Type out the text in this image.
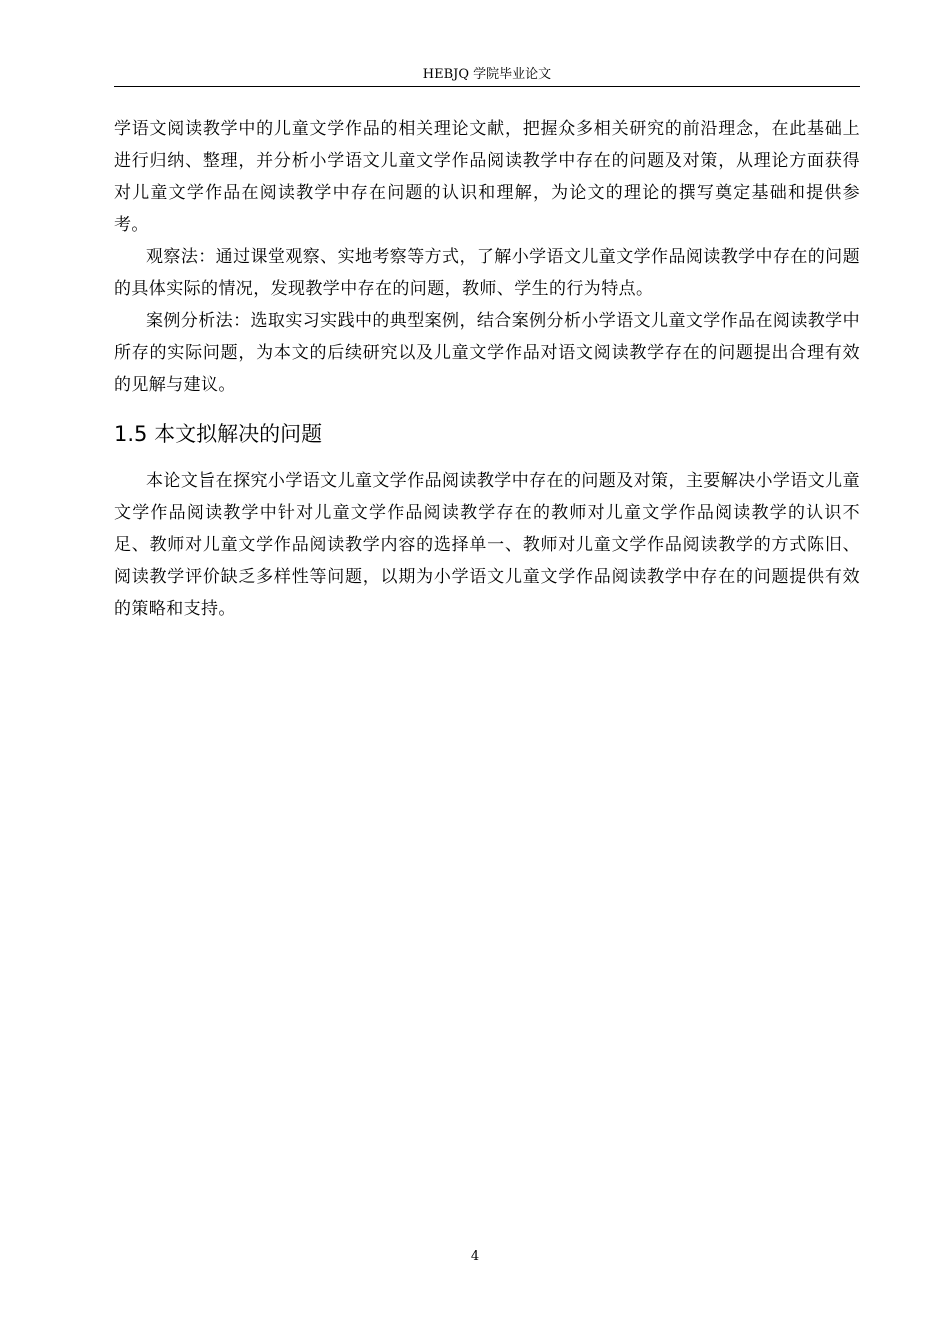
HEBJQ 学院毕业论文

学语文阅读教学中的儿童文学作品的相关理论文献，把握众多相关研究的前沿理念，在此基础上进行归纳、整理，并分析小学语文儿童文学作品阅读教学中存在的问题及对策，从理论方面获得对儿童文学作品在阅读教学中存在问题的认识和理解，为论文的理论的撰写奠定基础和提供参考。

观察法：通过课堂观察、实地考察等方式，了解小学语文儿童文学作品阅读教学中存在的问题的具体实际的情况，发现教学中存在的问题，教师、学生的行为特点。

案例分析法：选取实习实践中的典型案例，结合案例分析小学语文儿童文学作品在阅读教学中所存的实际问题，为本文的后续研究以及儿童文学作品对语文阅读教学存在的问题提出合理有效的见解与建议。

1.5 本文拟解决的问题

本论文旨在探究小学语文儿童文学作品阅读教学中存在的问题及对策，主要解决小学语文儿童文学作品阅读教学中针对儿童文学作品阅读教学存在的教师对儿童文学作品阅读教学的认识不足、教师对儿童文学作品阅读教学内容的选择单一、教师对儿童文学作品阅读教学的方式陈旧、阅读教学评价缺乏多样性等问题，以期为小学语文儿童文学作品阅读教学中存在的问题提供有效的策略和支持。

4
